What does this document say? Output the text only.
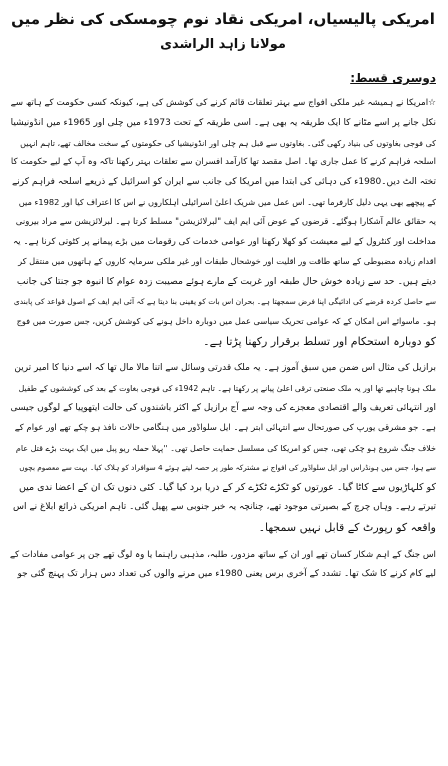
امریکی پالیسیاں، امریکی نقاد نوم چومسکی کی نظر میں
مولانا زاہد الراشدی
دوسری قسط:
☆امریکا نے ہمیشہ غیر ملکی افواج سے بہتر تعلقات قائم کرنے کی کوشش کی ہے، کیونکہ کسی حکومت کے ہاتھ سے
نکل جانے پر اسے مٹانے کا ایک طریقہ یہ بھی ہے۔ اسی طریقہ کے تحت 1973ء میں چلی اور 1965ء میں انڈونیشیا
کی فوجی بغاوتوں کی بنیاد رکھی گئی۔ بغاوتوں سے قبل ہم چلی اور انڈونیشیا کی حکومتوں کے سخت مخالف تھے، تاہم انہیں
اسلحہ فراہم کرنے کا عمل جاری تھا۔ اصل مقصد تھا کارآمد افسران سے تعلقات بہتر رکھنا تاکہ وہ آپ کے لیے حکومت کا
تختہ الٹ دیں۔1980ء کی دہائی کی ابتدا میں امریکا کی جانب سے ایران کو اسرائیل کے ذریعے اسلحہ فراہم کرنے
کے پیچھے بھی یہی دلیل کارفرما تھی۔ اس عمل میں شریک اعلیٰ اسرائیلی اہلکاروں نے اس کا اعتراف کیا اور 1982ء میں
یہ حقائق عالم آشکارا ہوگئے۔ قرضوں کے عوض آئی ایم ایف "لبرلائزیشن" مسلط کرتا ہے۔ لبرلائزیشن سے مراد بیرونی
مداخلت اور کنٹرول کے لیے معیشت کو کھلا رکھنا اور عوامی خدمات کی رقومات میں بڑے پیمانے پر کٹوتی کرنا ہے۔ یہ
اقدام زیادہ مضبوطی کے ساتھ طاقت ور اقلیت اور خوشحال طبقات اور غیر ملکی سرمایہ کاروں کے ہاتھوں میں منتقل کر
دیتے ہیں۔ حد سے زیادہ خوش حال طبقہ اور غربت کے مارے ہوئے مصیبت زدہ عوام کا انبوہ جو جنتا کی جانب
سے حاصل کردہ قرضے کی ادائیگی اپنا فرض سمجھتا ہے۔ بحران اس بات کو یقینی بنا دیتا ہے کہ آئی ایم ایف کے اصول قواعد کی پابندی
ہو۔ ماسوائے اس امکان کے کہ عوامی تحریک سیاسی عمل میں دوبارہ داخل ہونے کی کوشش کریں، جس صورت میں فوج
کو دوبارہ استحکام اور تسلط برقرار رکھنا پڑتا ہے۔
برازیل کی مثال اس ضمن میں سبق آموز ہے۔ یہ ملک قدرتی وسائل سے اتنا مالا مال تھا کہ اسے دنیا کا امیر ترین
ملک ہونا چاہیے تھا اور یہ ملک صنعتی ترقی اعلیٰ پیانے پر رکھتا ہے۔ تاہم 1942ء کی فوجی بغاوت کے بعد کی کوششوں کے طفیل
اور انتہائی تعریف والے اقتصادی معجزے کی وجہ سے آج برازیل کے اکثر باشندوں کی حالت ایتھوپیا کے لوگوں جیسی
ہے۔ جو مشرقی یورپ کی صورتحال سے انتہائی ابتر ہے۔ ایل سلواڈور میں ہنگامی حالات نافذ ہو چکے تھے اور عوام کے
خلاف جنگ شروع ہو چکی تھی، جس کو امریکا کی مسلسل حمایت حاصل تھی۔ ''پہلا حملہ ریو پبل میں ایک بہت بڑے قتل عام
سے ہوا، جس میں ہونڈراس اور ایل سلواڈور کی افواج نے مشترکہ طور پر حصہ لیتے ہوئے 4 سوافراد کو ہلاک کیا۔ بہت سے معصوم بچوں
کو کلہاڑیوں سے کاٹا گیا۔ عورتوں کو ٹکڑے ٹکڑے کر کے دریا برد کیا گیا۔ کئی دنوں تک ان کے اعضا ندی میں
تیرتے رہے۔ وہاں چرچ کے بصیرتی موجود تھے، چنانچہ یہ خبر جنوبی سے پھیل گئی۔ تاہم امریکی ذرائع ابلاغ نے اس
واقعہ کو رپورٹ کے قابل نہیں سمجھا۔
اس جنگ کے اہم شکار کسان تھے اور ان کے ساتھ مزدور، طلبہ، مذہبی راہنما یا وہ لوگ تھے جن پر عوامی مفادات کے
لیے کام کرنے کا شک تھا۔ تشدد کے آخری برس یعنی 1980ء میں مرنے والوں کی تعداد دس ہزار تک پہنچ گئی جو
